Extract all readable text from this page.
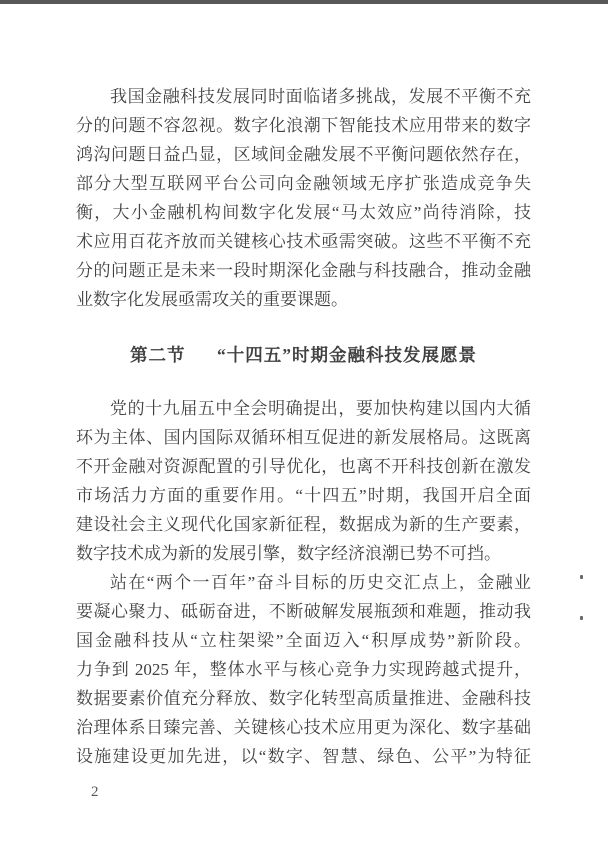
我国金融科技发展同时面临诸多挑战，发展不平衡不充
分的问题不容忽视。数字化浪潮下智能技术应用带来的数字
鸿沟问题日益凸显，区域间金融发展不平衡问题依然存在，
部分大型互联网平台公司向金融领域无序扩张造成竞争失
衡，大小金融机构间数字化发展“马太效应”尚待消除，技
术应用百花齐放而关键核心技术亟需突破。这些不平衡不充
分的问题正是未来一段时期深化金融与科技融合，推动金融
业数字化发展亟需攻关的重要课题。
第二节 “十四五”时期金融科技发展愿景
党的十九届五中全会明确提出，要加快构建以国内大循
环为主体、国内国际双循环相互促进的新发展格局。这既离
不开金融对资源配置的引导优化，也离不开科技创新在激发
市场活力方面的重要作用。“十四五”时期，我国开启全面
建设社会主义现代化国家新征程，数据成为新的生产要素，
数字技术成为新的发展引擎，数字经济浪潮已势不可挡。
站在“两个一百年”奋斗目标的历史交汇点上，金融业
要凝心聚力、砥砺奋进，不断破解发展瓶颈和难题，推动我
国金融科技从“立柱架梁”全面迈入“积厚成势”新阶段。
力争到 2025 年，整体水平与核心竞争力实现跨越式提升，
数据要素价值充分释放、数字化转型高质量推进、金融科技
治理体系日臻完善、关键核心技术应用更为深化、数字基础
设施建设更加先进，以“数字、智慧、绿色、公平”为特征
2
